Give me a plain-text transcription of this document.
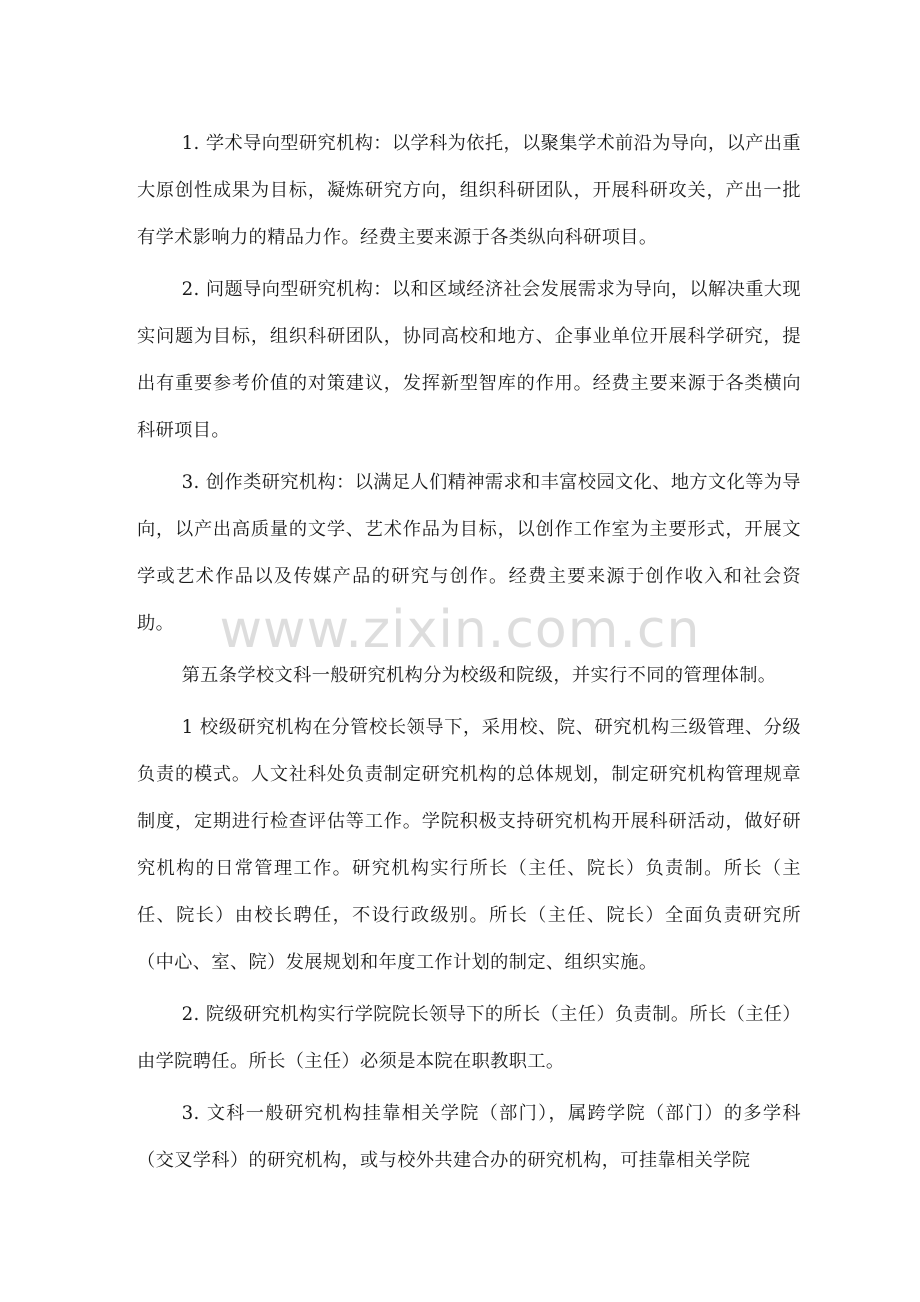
1. 学术导向型研究机构：以学科为依托，以聚集学术前沿为导向，以产出重大原创性成果为目标，凝炼研究方向，组织科研团队，开展科研攻关，产出一批有学术影响力的精品力作。经费主要来源于各类纵向科研项目。

2. 问题导向型研究机构：以和区域经济社会发展需求为导向，以解决重大现实问题为目标，组织科研团队，协同高校和地方、企事业单位开展科学研究，提出有重要参考价值的对策建议，发挥新型智库的作用。经费主要来源于各类横向科研项目。

3. 创作类研究机构：以满足人们精神需求和丰富校园文化、地方文化等为导向，以产出高质量的文学、艺术作品为目标，以创作工作室为主要形式，开展文学或艺术作品以及传媒产品的研究与创作。经费主要来源于创作收入和社会资助。

第五条学校文科一般研究机构分为校级和院级，并实行不同的管理体制。

1 校级研究机构在分管校长领导下，采用校、院、研究机构三级管理、分级负责的模式。人文社科处负责制定研究机构的总体规划，制定研究机构管理规章制度，定期进行检查评估等工作。学院积极支持研究机构开展科研活动，做好研究机构的日常管理工作。研究机构实行所长（主任、院长）负责制。所长（主任、院长）由校长聘任，不设行政级别。所长（主任、院长）全面负责研究所（中心、室、院）发展规划和年度工作计划的制定、组织实施。

2. 院级研究机构实行学院院长领导下的所长（主任）负责制。所长（主任）由学院聘任。所长（主任）必须是本院在职教职工。

3. 文科一般研究机构挂靠相关学院（部门），属跨学院（部门）的多学科（交叉学科）的研究机构，或与校外共建合办的研究机构，可挂靠相关学院

www.zixin.com.cn
